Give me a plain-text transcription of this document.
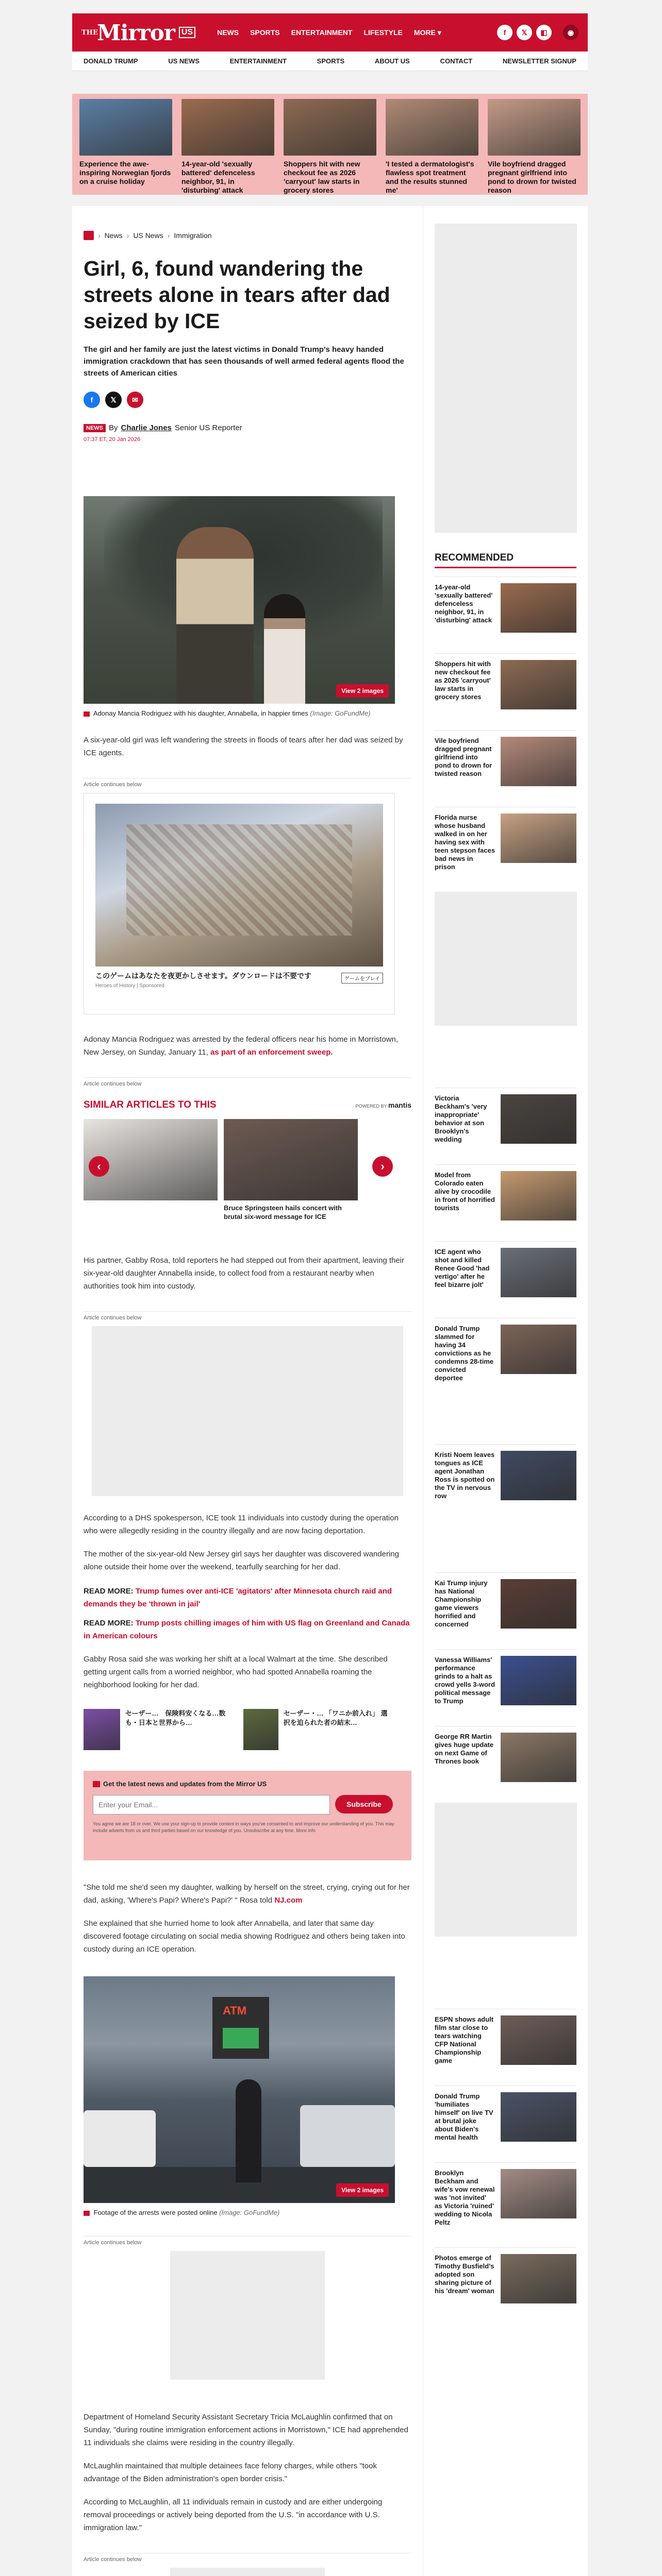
THE
Mirror US	NEWS SPORTS ENTERTAINMENT LIFESTYLE MORE ▾	f	𝕏	◧	◉
DONALD TRUMP	US NEWS	ENTERTAINMENT	SPORTS	ABOUT US	CONTACT	NEWSLETTER SIGNUP
Experience the awe-inspiring Norwegian fjords on a cruise holiday
14-year-old 'sexually battered' defenceless neighbor, 91, in 'disturbing' attack
Shoppers hit with new checkout fee as 2026 'carryout' law starts in grocery stores
'I tested a dermatologist's flawless spot treatment and the results stunned me'
Vile boyfriend dragged pregnant girlfriend into pond to drown for twisted reason
› News › US News › Immigration
Girl, 6, found wandering the streets alone in tears after dad seized by ICE

The girl and her family are just the latest victims in Donald Trump's heavy handed immigration crackdown that has seen thousands of well armed federal agents flood the streets of American cities

f	𝕏	✉
NEWS By Charlie Jones Senior US Reporter
07:37 ET, 20 Jan 2026
View 2 images

Adonay Mancia Rodriguez with his daughter, Annabella, in happier times (Image: GoFundMe)

A six-year-old girl was left wandering the streets in floods of tears after her dad was seized by ICE agents.

Article continues below
このゲームはあなたを夜更かしさせます。ダウンロードは不要です
Heroes of History | Sponsored
ゲームをプレイ

Adonay Mancia Rodriguez was arrested by the federal officers near his home in Morristown, New Jersey, on Sunday, January 11, as part of an enforcement sweep.

Article continues below
SIMILAR ARTICLES TO THIS	POWERED BY mantis
Bruce Springsteen hails concert with brutal six-word message for ICE
‹	›

His partner, Gabby Rosa, told reporters he had stepped out from their apartment, leaving their six-year-old daughter Annabella inside, to collect food from a restaurant nearby when authorities took him into custody.

Article continues below

According to a DHS spokesperson, ICE took 11 individuals into custody during the operation who were allegedly residing in the country illegally and are now facing deportation.

The mother of the six-year-old New Jersey girl says her daughter was discovered wandering alone outside their home over the weekend, tearfully searching for her dad.

READ MORE: Trump fumes over anti-ICE 'agitators' after Minnesota church raid and demands they be 'thrown in jail'

READ MORE: Trump posts chilling images of him with US flag on Greenland and Canada in American colours

Gabby Rosa said she was working her shift at a local Walmart at the time. She described getting urgent calls from a worried neighbor, who had spotted Annabella roaming the neighborhood looking for her dad.

セーザー…　保険料安くなる…数も・日本と世界から…
セーザー・… 「ワニか前入れ」 選択を迫られた者の結末…
Get the latest news and updates from the Mirror US
Enter your Email...
Subscribe

You agree we are 18 or over. We use your sign-up to provide content in ways you've consented to and improve our understanding of you. This may include adverts from us and third parties based on our knowledge of you. Unsubscribe at any time. More info

"She told me she'd seen my daughter, walking by herself on the street, crying, crying out for her dad, asking, 'Where's Papi? Where's Papi?' " Rosa told NJ.com

She explained that she hurried home to look after Annabella, and later that same day discovered footage circulating on social media showing Rodriguez and others being taken into custody during an ICE operation.

ATM
View 2 images

Footage of the arrests were posted online (Image: GoFundMe)

Article continues below

Department of Homeland Security Assistant Secretary Tricia McLaughlin confirmed that on Sunday, "during routine immigration enforcement actions in Morristown," ICE had apprehended 11 individuals she claims were residing in the country illegally.

McLaughlin maintained that multiple detainees face felony charges, while others "took advantage of the Biden administration's open border crisis."

According to McLaughlin, all 11 individuals remain in custody and are either undergoing removal proceedings or actively being deported from the U.S. "in accordance with U.S. immigration law."

Article continues below
RECOMMENDED
14-year-old 'sexually battered' defenceless neighbor, 91, in 'disturbing' attack
Shoppers hit with new checkout fee as 2026 'carryout' law starts in grocery stores
Vile boyfriend dragged pregnant girlfriend into pond to drown for twisted reason
Florida nurse whose husband walked in on her having sex with teen stepson faces bad news in prison
Victoria Beckham's 'very inappropriate' behavior at son Brooklyn's wedding
Model from Colorado eaten alive by crocodile in front of horrified tourists
ICE agent who shot and killed Renee Good 'had vertigo' after he feel bizarre jolt'
Donald Trump slammed for having 34 convictions as he condemns 28-time convicted deportee
Kristi Noem leaves tongues as ICE agent Jonathan Ross is spotted on the TV in nervous row
Kai Trump injury has National Championship game viewers horrified and concerned
Vanessa Williams' performance grinds to a halt as crowd yells 3-word political message to Trump
George RR Martin gives huge update on next Game of Thrones book
ESPN shows adult film star close to tears watching CFP National Championship game
Donald Trump 'humiliates himself' on live TV at brutal joke about Biden's mental health
Brooklyn Beckham and wife's vow renewal was 'not invited' as Victoria 'ruined' wedding to Nicola Peltz
Photos emerge of Timothy Busfield's adopted son sharing picture of his 'dream' woman
